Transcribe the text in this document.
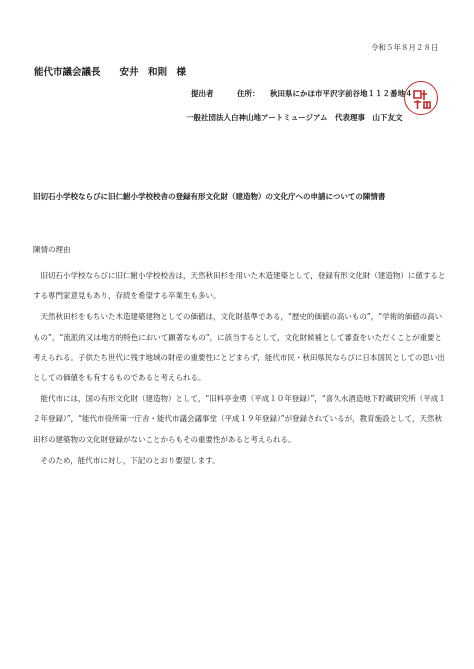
令和５年８月２８日
能代市議会議長　　安井　和則　様
提出者	住所： 秋田県にかほ市平沢字前谷地１１２番地４
一般社団法人白神山地アートミュージアム　代表理事　山下友文
旧切石小学校ならびに旧仁鮒小学校校舎の登録有形文化財（建造物）の文化庁への申請についての陳情書
陳情の理由

　旧切石小学校ならびに旧仁鮒小学校校舎は，天然秋田杉を用いた木造建築として，登録有形文化財（建造物）に値するとする専門家意見もあり，存続を希望する卒業生も多い。

　天然秋田杉をもちいた木造建築建物としての価値は，文化財基準である，“歴史的価値の高いもの”，“学術的価値の高いもの”，“流派的又は地方的特色において顕著なもの”，に該当するとして，文化財候補として審査をいただくことが重要と考えられる。子供たち世代に残す地域の財産の重要性にとどまらず，能代市民・秋田県民ならびに日本国民としての思い出としての価値をも有するものであると考えられる。

　能代市には，国の有形文化財（建造物）として，“旧料亭金勇（平成１０年登録）”，“喜久水酒造地下貯蔵研究所（平成１２年登録）”，“能代市役所第一庁舎・能代市議会議事堂（平成１９年登録）”が登録されているが，教育施設として，天然秋田杉の建築物の文化財登録がないことからもその重要性があると考えられる。

　そのため，能代市に対し，下記のとおり要望します。
